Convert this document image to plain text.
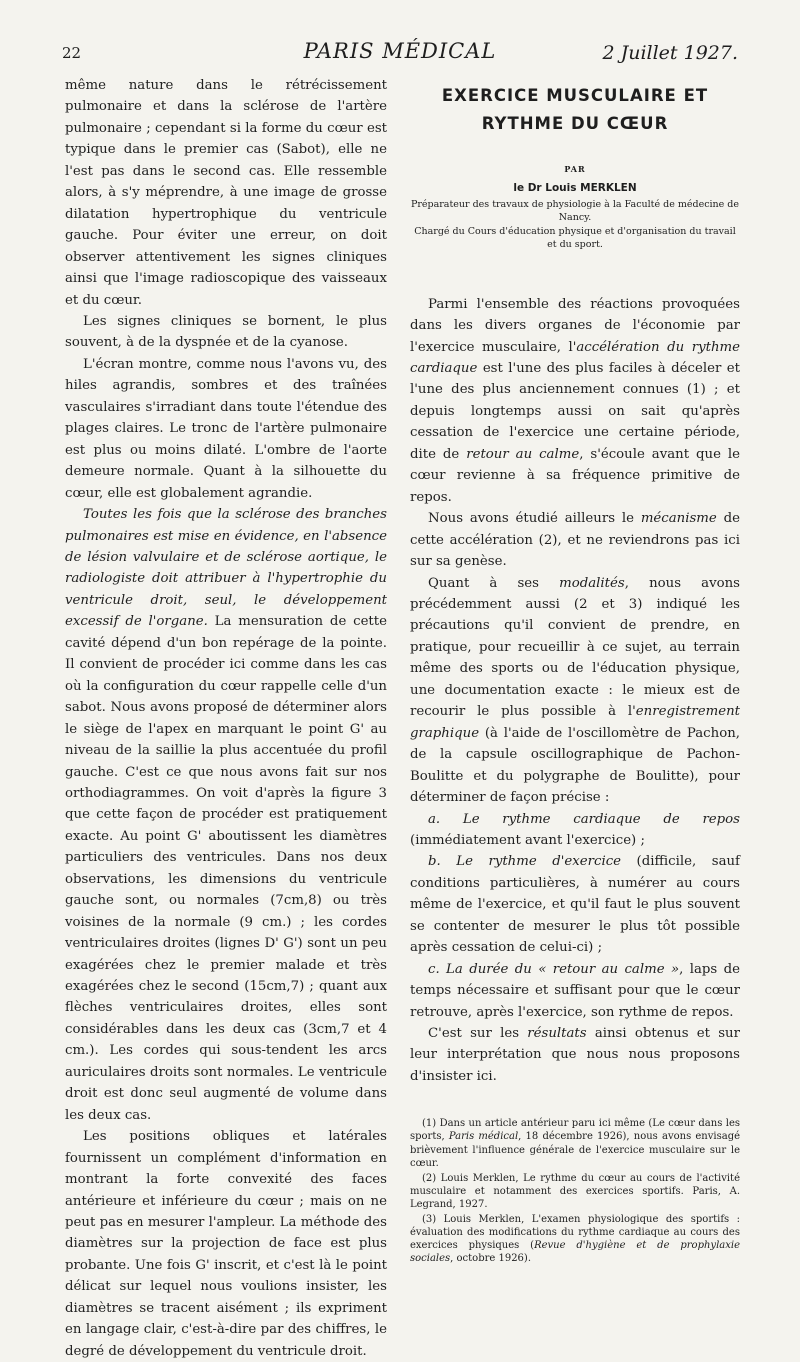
22	PARIS MÉDICAL	2 Juillet 1927.

même nature dans le rétrécissement pulmonaire et dans la sclérose de l'artère pulmonaire ; cependant si la forme du cœur est typique dans le premier cas (Sabot), elle ne l'est pas dans le second cas. Elle ressemble alors, à s'y méprendre, à une image de grosse dilatation hypertrophique du ventricule gauche. Pour éviter une erreur, on doit observer attentivement les signes cliniques ainsi que l'image radioscopique des vaisseaux et du cœur.

Les signes cliniques se bornent, le plus souvent, à de la dyspnée et de la cyanose.

L'écran montre, comme nous l'avons vu, des hiles agrandis, sombres et des traînées vasculaires s'irradiant dans toute l'étendue des plages claires. Le tronc de l'artère pulmonaire est plus ou moins dilaté. L'ombre de l'aorte demeure normale. Quant à la silhouette du cœur, elle est globalement agrandie.

Toutes les fois que la sclérose des branches pulmonaires est mise en évidence, en l'absence de lésion valvulaire et de sclérose aortique, le radiologiste doit attribuer à l'hypertrophie du ventricule droit, seul, le développement excessif de l'organe. La mensuration de cette cavité dépend d'un bon repérage de la pointe. Il convient de procéder ici comme dans les cas où la configuration du cœur rappelle celle d'un sabot. Nous avons proposé de déterminer alors le siège de l'apex en marquant le point G' au niveau de la saillie la plus accentuée du profil gauche. C'est ce que nous avons fait sur nos orthodiagrammes. On voit d'après la figure 3 que cette façon de procéder est pratiquement exacte. Au point G' aboutissent les diamètres particuliers des ventricules. Dans nos deux observations, les dimensions du ventricule gauche sont, ou normales (7cm,8) ou très voisines de la normale (9 cm.) ; les cordes ventriculaires droites (lignes D' G') sont un peu exagérées chez le premier malade et très exagérées chez le second (15cm,7) ; quant aux flèches ventriculaires droites, elles sont considérables dans les deux cas (3cm,7 et 4 cm.). Les cordes qui sous-tendent les arcs auriculaires droits sont normales. Le ventricule droit est donc seul augmenté de volume dans les deux cas.

Les positions obliques et latérales fournissent un complément d'information en montrant la forte convexité des faces antérieure et inférieure du cœur ; mais on ne peut pas en mesurer l'ampleur. La méthode des diamètres sur la projection de face est plus probante. Une fois G' inscrit, et c'est là le point délicat sur lequel nous voulions insister, les diamètres se tracent aisément ; ils expriment en langage clair, c'est-à-dire par des chiffres, le degré de développement du ventricule droit.

EXERCICE MUSCULAIRE ET
RYTHME DU CŒUR
PAR
le Dr Louis MERKLEN

Préparateur des travaux de physiologie à la Faculté de médecine de Nancy.

Chargé du Cours d'éducation physique et d'organisation du travail et du sport.

Parmi l'ensemble des réactions provoquées dans les divers organes de l'économie par l'exercice musculaire, l'accélération du rythme cardiaque est l'une des plus faciles à déceler et l'une des plus anciennement connues (1) ; et depuis longtemps aussi on sait qu'après cessation de l'exercice une certaine période, dite de retour au calme, s'écoule avant que le cœur revienne à sa fréquence primitive de repos.

Nous avons étudié ailleurs le mécanisme de cette accélération (2), et ne reviendrons pas ici sur sa genèse.

Quant à ses modalités, nous avons précédemment aussi (2 et 3) indiqué les précautions qu'il convient de prendre, en pratique, pour recueillir à ce sujet, au terrain même des sports ou de l'éducation physique, une documentation exacte : le mieux est de recourir le plus possible à l'enregistrement graphique (à l'aide de l'oscillomètre de Pachon, de la capsule oscillographique de Pachon-Boulitte et du polygraphe de Boulitte), pour déterminer de façon précise :

a. Le rythme cardiaque de repos (immédiatement avant l'exercice) ;

b. Le rythme d'exercice (difficile, sauf conditions particulières, à numérer au cours même de l'exercice, et qu'il faut le plus souvent se contenter de mesurer le plus tôt possible après cessation de celui-ci) ;

c. La durée du « retour au calme », laps de temps nécessaire et suffisant pour que le cœur retrouve, après l'exercice, son rythme de repos.

C'est sur les résultats ainsi obtenus et sur leur interprétation que nous nous proposons d'insister ici.

(1) Dans un article antérieur paru ici même (Le cœur dans les sports, Paris médical, 18 décembre 1926), nous avons envisagé brièvement l'influence générale de l'exercice musculaire sur le cœur.

(2) Louis Merklen, Le rythme du cœur au cours de l'activité musculaire et notamment des exercices sportifs. Paris, A. Legrand, 1927.

(3) Louis Merklen, L'examen physiologique des sportifs : évaluation des modifications du rythme cardiaque au cours des exercices physiques (Revue d'hygiène et de prophylaxie sociales, octobre 1926).
